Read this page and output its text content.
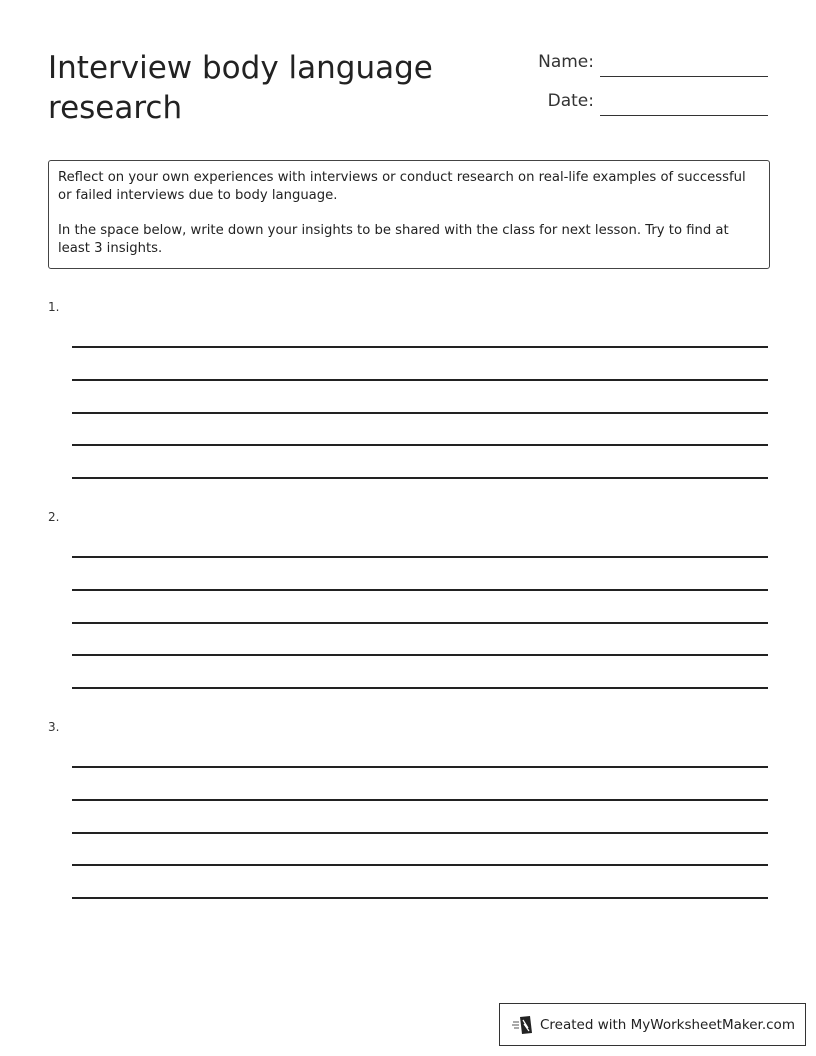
Interview body language research
Name:
Date:

Reflect on your own experiences with interviews or conduct research on real-life examples of successful or failed interviews due to body language.

In the space below, write down your insights to be shared with the class for next lesson. Try to find at least 3 insights.

1.
2.
3.
Created with MyWorksheetMaker.com
